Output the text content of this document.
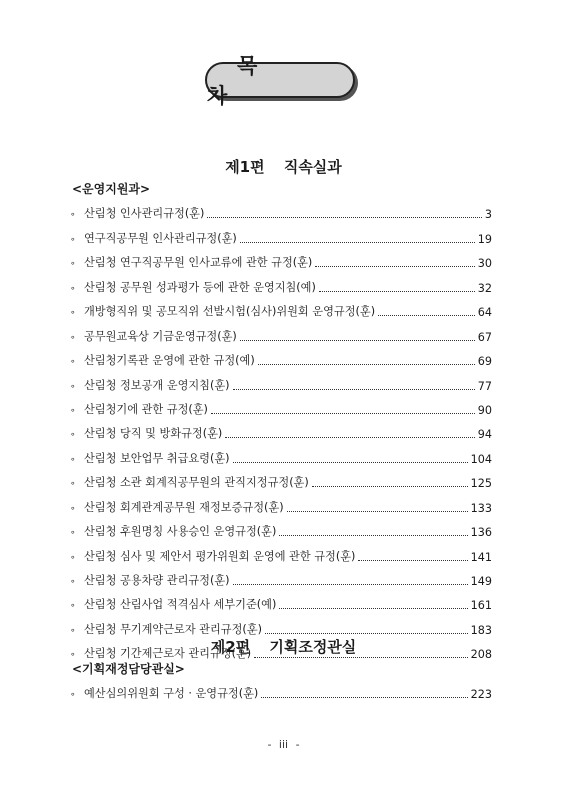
목 차
제1편 직속실과
<운영지원과>
∘ 산림청 인사관리규정(훈)	3
∘ 연구직공무원 인사관리규정(훈)	19
∘ 산림청 연구직공무원 인사교류에 관한 규정(훈)	30
∘ 산림청 공무원 성과평가 등에 관한 운영지침(예)	32
∘ 개방형직위 및 공모직위 선발시험(심사)위원회 운영규정(훈)	64
∘ 공무원교육상 기금운영규정(훈)	67
∘ 산림청기록관 운영에 관한 규정(예)	69
∘ 산림청 정보공개 운영지침(훈)	77
∘ 산림청기에 관한 규정(훈)	90
∘ 산림청 당직 및 방화규정(훈)	94
∘ 산림청 보안업무 취급요령(훈)	104
∘ 산림청 소관 회계직공무원의 관직지정규정(훈)	125
∘ 산림청 회계관계공무원 재정보증규정(훈)	133
∘ 산림청 후원명칭 사용승인 운영규정(훈)	136
∘ 산림청 심사 및 제안서 평가위원회 운영에 관한 규정(훈)	141
∘ 산림청 공용차량 관리규정(훈)	149
∘ 산림청 산림사업 적격심사 세부기준(예)	161
∘ 산림청 무기계약근로자 관리규정(훈)	183
∘ 산림청 기간제근로자 관리규정(훈)	208
제2편 기획조정관실
<기획재정담당관실>
∘ 예산심의위원회 구성 · 운영규정(훈)	223
- iii -
